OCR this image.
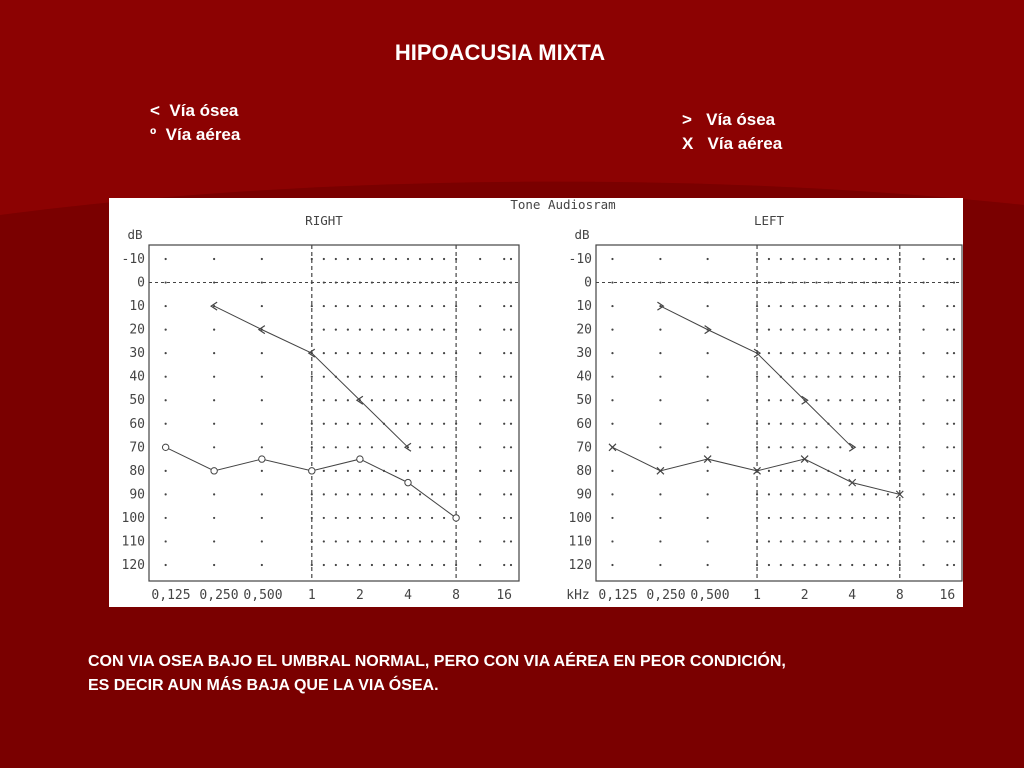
HIPOACUSIA MIXTA
< Vía ósea
º Vía aérea
> Vía ósea
X Vía aérea
Tone Audiosram
RIGHT
dB
-10
0
10
20
30
40
50
60
70
80
90
100
110
120
0,125 0,250 0,500 1	2	4	8	16
LEFT
dB
-10
0
10
20
30
40
50
60
70
80
90
100
110
120
kHz 0,125 0,250 0,500 1	2	4	8	16
CON VIA OSEA BAJO EL UMBRAL NORMAL, PERO CON VIA AÉREA EN PEOR CONDICIÓN,
ES DECIR AUN MÁS BAJA QUE LA VIA ÓSEA.
